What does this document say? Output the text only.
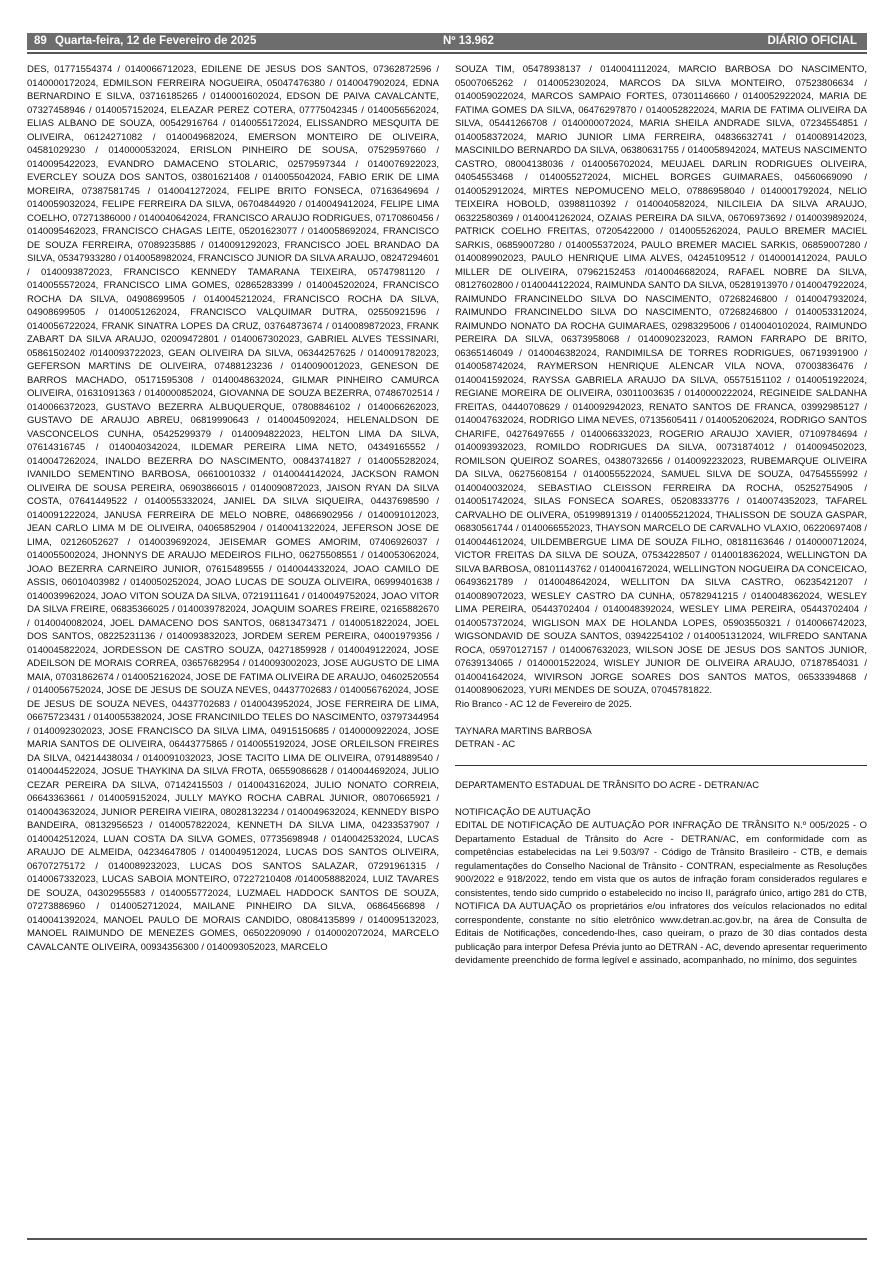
89 Quarta-feira, 12 de Fevereiro de 2025	Nº 13.962	DIÁRIO OFICIAL

DES, 01771554374 / 0140066712023, EDILENE DE JESUS DOS SANTOS, 07362872596 / 0140000172024, EDMILSON FERREIRA NOGUEIRA, 05047476380 / 0140047902024, EDNA BERNARDINO E SILVA, 03716185265 / 0140001602024, EDSON DE PAIVA CAVALCANTE, 07327458946 / 0140057152024, ELEAZAR PEREZ COTERA, 07775042345 / 0140056562024, ELIAS ALBANO DE SOUZA, 00542916764 / 0140055172024, ELISSANDRO MESQUITA DE OLIVEIRA, 06124271082 / 0140049682024, EMERSON MONTEIRO DE OLIVEIRA, 04581029230 / 0140000532024, ERISLON PINHEIRO DE SOUSA, 07529597660 / 0140095422023, EVANDRO DAMACENO STOLARIC, 02579597344 / 0140076922023, EVERCLEY SOUZA DOS SANTOS, 03801621408 / 0140055042024, FABIO ERIK DE LIMA MOREIRA, 07387581745 / 0140041272024, FELIPE BRITO FONSECA, 07163649694 / 0140059032024, FELIPE FERREIRA DA SILVA, 06704844920 / 0140049412024, FELIPE LIMA COELHO, 07271386000 / 0140040642024, FRANCISCO ARAUJO RODRIGUES, 07170860456 / 0140095462023, FRANCISCO CHAGAS LEITE, 05201623077 / 0140058692024, FRANCISCO DE SOUZA FERREIRA, 07089235885 / 0140091292023, FRANCISCO JOEL BRANDAO DA SILVA, 05347933280 / 0140058982024, FRANCISCO JUNIOR DA SILVA ARAUJO, 08247294601 / 0140093872023, FRANCISCO KENNEDY TAMARANA TEIXEIRA, 05747981120 / 0140055572024, FRANCISCO LIMA GOMES, 02865283399 / 0140045202024, FRANCISCO ROCHA DA SILVA, 04908699505 / 0140045212024, FRANCISCO ROCHA DA SILVA, 04908699505 / 0140051262024, FRANCISCO VALQUIMAR DUTRA, 02550921596 / 0140056722024, FRANK SINATRA LOPES DA CRUZ, 03764873674 / 0140089872023, FRANK ZABART DA SILVA ARAUJO, 02009472801 / 0140067302023, GABRIEL ALVES TESSINARI, 05861502402 /0140093722023, GEAN OLIVEIRA DA SILVA, 06344257625 / 0140091782023, GEFERSON MARTINS DE OLIVEIRA, 07488123236 / 0140090012023, GENESON DE BARROS MACHADO, 05171595308 / 0140048632024, GILMAR PINHEIRO CAMURCA OLIVEIRA, 01631091363 / 0140000852024, GIOVANNA DE SOUZA BEZERRA, 07486702514 / 0140066372023, GUSTAVO BEZERRA ALBUQUERQUE, 07808846102 / 0140066262023, GUSTAVO DE ARAUJO ABREU, 06819990643 / 0140045092024, HELENALDSON DE VASCONCELOS CUNHA, 05425299379 / 0140094822023, HELTON LIMA DA SILVA, 07614316745 / 0140040342024, ILDEMAR PEREIRA LIMA NETO, 04349165552 / 0140047262024, INALDO BEZERRA DO NASCIMENTO, 00843741827 / 0140055282024, IVANILDO SEMENTINO BARBOSA, 06610010332 / 0140044142024, JACKSON RAMON OLIVEIRA DE SOUSA PEREIRA, 06903866015 / 0140090872023, JAISON RYAN DA SILVA COSTA, 07641449522 / 0140055332024, JANIEL DA SILVA SIQUEIRA, 04437698590 / 0140091222024, JANUSA FERREIRA DE MELO NOBRE, 04866902956 / 0140091012023, JEAN CARLO LIMA M DE OLIVEIRA, 04065852904 / 0140041322024, JEFERSON JOSE DE LIMA, 02126052627 / 0140039692024, JEISEMAR GOMES AMORIM, 07406926037 / 0140055002024, JHONNYS DE ARAUJO MEDEIROS FILHO, 06275508551 / 0140053062024, JOAO BEZERRA CARNEIRO JUNIOR, 07615489555 / 0140044332024, JOAO CAMILO DE ASSIS, 06010403982 / 0140050252024, JOAO LUCAS DE SOUZA OLIVEIRA, 06999401638 / 0140039962024, JOAO VITON SOUZA DA SILVA, 07219111641 / 0140049752024, JOAO VITOR DA SILVA FREIRE, 06835366025 / 0140039782024, JOAQUIM SOARES FREIRE, 02165882670 / 0140040082024, JOEL DAMACENO DOS SANTOS, 06813473471 / 0140051822024, JOEL DOS SANTOS, 08225231136 / 0140093832023, JORDEM SEREM PEREIRA, 04001979356 / 0140045822024, JORDESSON DE CASTRO SOUZA, 04271859928 / 0140049122024, JOSE ADEILSON DE MORAIS CORREA, 03657682954 / 0140093002023, JOSE AUGUSTO DE LIMA MAIA, 07031862674 / 0140052162024, JOSE DE FATIMA OLIVEIRA DE ARAUJO, 04602520554 / 0140056752024, JOSE DE JESUS DE SOUZA NEVES, 04437702683 / 0140056762024, JOSE DE JESUS DE SOUZA NEVES, 04437702683 / 0140043952024, JOSE FERREIRA DE LIMA, 06675723431 / 0140055382024, JOSE FRANCINILDO TELES DO NASCIMENTO, 03797344954 / 0140092302023, JOSE FRANCISCO DA SILVA LIMA, 04915150685 / 0140000922024, JOSE MARIA SANTOS DE OLIVEIRA, 06443775865 / 0140055192024, JOSE ORLEILSON FREIRES DA SILVA, 04214438034 / 0140091032023, JOSE TACITO LIMA DE OLIVEIRA, 07914889540 / 0140044522024, JOSUE THAYKINA DA SILVA FROTA, 06559086628 / 0140044692024, JULIO CEZAR PEREIRA DA SILVA, 07142415503 / 0140043162024, JULIO NONATO CORREIA, 06643363661 / 0140059152024, JULLY MAYKO ROCHA CABRAL JUNIOR, 08070665921 / 0140043632024, JUNIOR PEREIRA VIEIRA, 08028132234 / 0140049632024, KENNEDY BISPO BANDEIRA, 08132956523 / 0140057822024, KENNETH DA SILVA LIMA, 04233537907 / 0140042512024, LUAN COSTA DA SILVA GOMES, 07735698948 / 0140042532024, LUCAS ARAUJO DE ALMEIDA, 04234647805 / 0140049512024, LUCAS DOS SANTOS OLIVEIRA, 06707275172 / 0140089232023, LUCAS DOS SANTOS SALAZAR, 07291961315 / 0140067332023, LUCAS SABOIA MONTEIRO, 07227210408 /0140058882024, LUIZ TAVARES DE SOUZA, 04302955583 / 0140055772024, LUZMAEL HADDOCK SANTOS DE SOUZA, 07273886960 / 0140052712024, MAILANE PINHEIRO DA SILVA, 06864566898 / 0140041392024, MANOEL PAULO DE MORAIS CANDIDO, 08084135899 / 0140095132023, MANOEL RAIMUNDO DE MENEZES GOMES, 06502209090 / 0140002072024, MARCELO CAVALCANTE OLIVEIRA, 00934356300 / 0140093052023, MARCELO

SOUZA TIM, 05478938137 / 0140041112024, MARCIO BARBOSA DO NASCIMENTO, 05007065262 / 0140052302024, MARCOS DA SILVA MONTEIRO, 07523806634 / 0140059022024, MARCOS SAMPAIO FORTES, 07301146660 / 0140052922024, MARIA DE FATIMA GOMES DA SILVA, 06476297870 / 0140052822024, MARIA DE FATIMA OLIVEIRA DA SILVA, 05441266708 / 0140000072024, MARIA SHEILA ANDRADE SILVA, 07234554851 / 0140058372024, MARIO JUNIOR LIMA FERREIRA, 04836632741 / 0140089142023, MASCINILDO BERNARDO DA SILVA, 06380631755 / 0140058942024, MATEUS NASCIMENTO CASTRO, 08004138036 / 0140056702024, MEUJAEL DARLIN RODRIGUES OLIVEIRA, 04054553468 / 0140055272024, MICHEL BORGES GUIMARAES, 04560669090 / 0140052912024, MIRTES NEPOMUCENO MELO, 07886958040 / 0140001792024, NELIO TEIXEIRA HOBOLD, 03988110392 / 0140040582024, NILCILEIA DA SILVA ARAUJO, 06322580369 / 0140041262024, OZAIAS PEREIRA DA SILVA, 06706973692 / 0140039892024, PATRICK COELHO FREITAS, 07205422000 / 0140055262024, PAULO BREMER MACIEL SARKIS, 06859007280 / 0140055372024, PAULO BREMER MACIEL SARKIS, 06859007280 / 0140089902023, PAULO HENRIQUE LIMA ALVES, 04245109512 / 0140001412024, PAULO MILLER DE OLIVEIRA, 07962152453 /0140046682024, RAFAEL NOBRE DA SILVA, 08127602800 / 0140044122024, RAIMUNDA SANTO DA SILVA, 05281913970 / 0140047922024, RAIMUNDO FRANCINELDO SILVA DO NASCIMENTO, 07268246800 / 0140047932024, RAIMUNDO FRANCINELDO SILVA DO NASCIMENTO, 07268246800 / 0140053312024, RAIMUNDO NONATO DA ROCHA GUIMARAES, 02983295006 / 0140040102024, RAIMUNDO PEREIRA DA SILVA, 06373958068 / 0140090232023, RAMON FARRAPO DE BRITO, 06365146049 / 0140046382024, RANDIMILSA DE TORRES RODRIGUES, 06719391900 / 0140058742024, RAYMERSON HENRIQUE ALENCAR VILA NOVA, 07003836476 / 0140041592024, RAYSSA GABRIELA ARAUJO DA SILVA, 05575151102 / 0140051922024, REGIANE MOREIRA DE OLIVEIRA, 03011003635 / 0140000222024, REGINEIDE SALDANHA FREITAS, 04440708629 / 0140092942023, RENATO SANTOS DE FRANCA, 03992985127 / 0140047632024, RODRIGO LIMA NEVES, 07135605411 / 0140052062024, RODRIGO SANTOS CHARIFE, 04276497655 / 0140066332023, ROGERIO ARAUJO XAVIER, 07109784694 / 0140093932023, ROMILDO RODRIGUES DA SILVA, 00731874012 / 0140094502023, ROMILSON QUEIROZ SOARES, 04380732656 / 0140092232023, RUBEMARQUE OLIVEIRA DA SILVA, 06275608154 / 0140055522024, SAMUEL SILVA DE SOUZA, 04754555992 / 0140040032024, SEBASTIAO CLEISSON FERREIRA DA ROCHA, 05252754905 / 0140051742024, SILAS FONSECA SOARES, 05208333776 / 0140074352023, TAFAREL CARVALHO DE OLIVERA, 05199891319 / 0140055212024, THALISSON DE SOUZA GASPAR, 06830561744 / 0140066552023, THAYSON MARCELO DE CARVALHO VLAXIO, 06220697408 / 0140044612024, UILDEMBERGUE LIMA DE SOUZA FILHO, 08181163646 / 0140000712024, VICTOR FREITAS DA SILVA DE SOUZA, 07534228507 / 0140018362024, WELLINGTON DA SILVA BARBOSA, 08101143762 / 0140041672024, WELLINGTON NOGUEIRA DA CONCEICAO, 06493621789 / 0140048642024, WELLITON DA SILVA CASTRO, 06235421207 / 0140089072023, WESLEY CASTRO DA CUNHA, 05782941215 / 0140048362024, WESLEY LIMA PEREIRA, 05443702404 / 0140048392024, WESLEY LIMA PEREIRA, 05443702404 / 0140057372024, WIGLISON MAX DE HOLANDA LOPES, 05903550321 / 0140066742023, WIGSONDAVID DE SOUZA SANTOS, 03942254102 / 0140051312024, WILFREDO SANTANA ROCA, 05970127157 / 0140067632023, WILSON JOSE DE JESUS DOS SANTOS JUNIOR, 07639134065 / 0140001522024, WISLEY JUNIOR DE OLIVEIRA ARAUJO, 07187854031 / 0140041642024, WIVIRSON JORGE SOARES DOS SANTOS MATOS, 06533394868 / 0140089062023, YURI MENDES DE SOUZA, 07045781822.

Rio Branco - AC 12 de Fevereiro de 2025.

TAYNARA MARTINS BARBOSA

DETRAN - AC

DEPARTAMENTO ESTADUAL DE TRÂNSITO DO ACRE - DETRAN/AC

NOTIFICAÇÃO DE AUTUAÇÃO

EDITAL DE NOTIFICAÇÃO DE AUTUAÇÃO POR INFRAÇÃO DE TRÂNSITO N.º 005/2025 - O Departamento Estadual de Trânsito do Acre - DETRAN/AC, em conformidade com as competências estabelecidas na Lei 9.503/97 - Código de Trânsito Brasileiro - CTB, e demais regulamentações do Conselho Nacional de Trânsito - CONTRAN, especialmente as Resoluções 900/2022 e 918/2022, tendo em vista que os autos de infração foram considerados regulares e consistentes, tendo sido cumprido o estabelecido no inciso II, parágrafo único, artigo 281 do CTB, NOTIFICA DA AUTUAÇÃO os proprietários e/ou infratores dos veículos relacionados no edital correspondente, constante no sítio eletrônico www.detran.ac.gov.br, na área de Consulta de Editais de Notificações, concedendo-lhes, caso queiram, o prazo de 30 dias contados desta publicação para interpor Defesa Prévia junto ao DETRAN - AC, devendo apresentar requerimento devidamente preenchido de forma legível e assinado, acompanhado, no mínimo, dos seguintes
